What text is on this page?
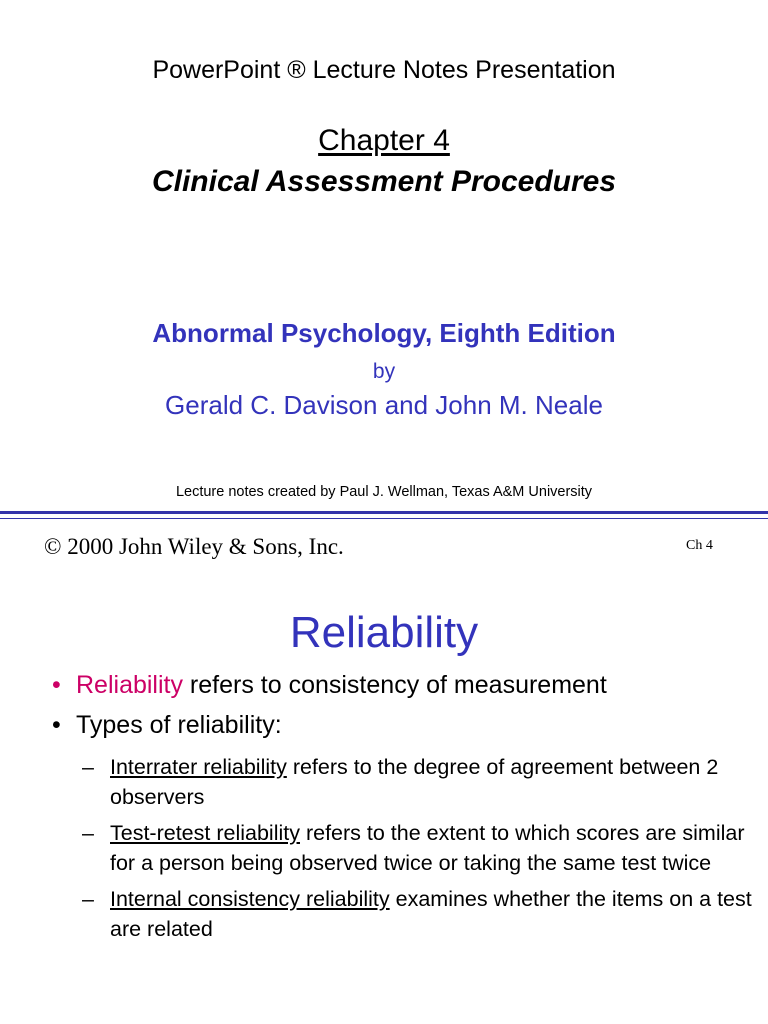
PowerPoint ® Lecture Notes Presentation
Chapter 4
Clinical Assessment Procedures
Abnormal Psychology, Eighth Edition
by
Gerald C. Davison and John M. Neale
Lecture notes created by Paul J. Wellman, Texas A&M University
© 2000 John Wiley & Sons, Inc.	Ch 4
Reliability
• Reliability refers to consistency of measurement
• Types of reliability:
– Interrater reliability refers to the degree of agreement between 2 observers
– Test-retest reliability refers to the extent to which scores are similar for a person being observed twice or taking the same test twice
– Internal consistency reliability examines whether the items on a test are related
